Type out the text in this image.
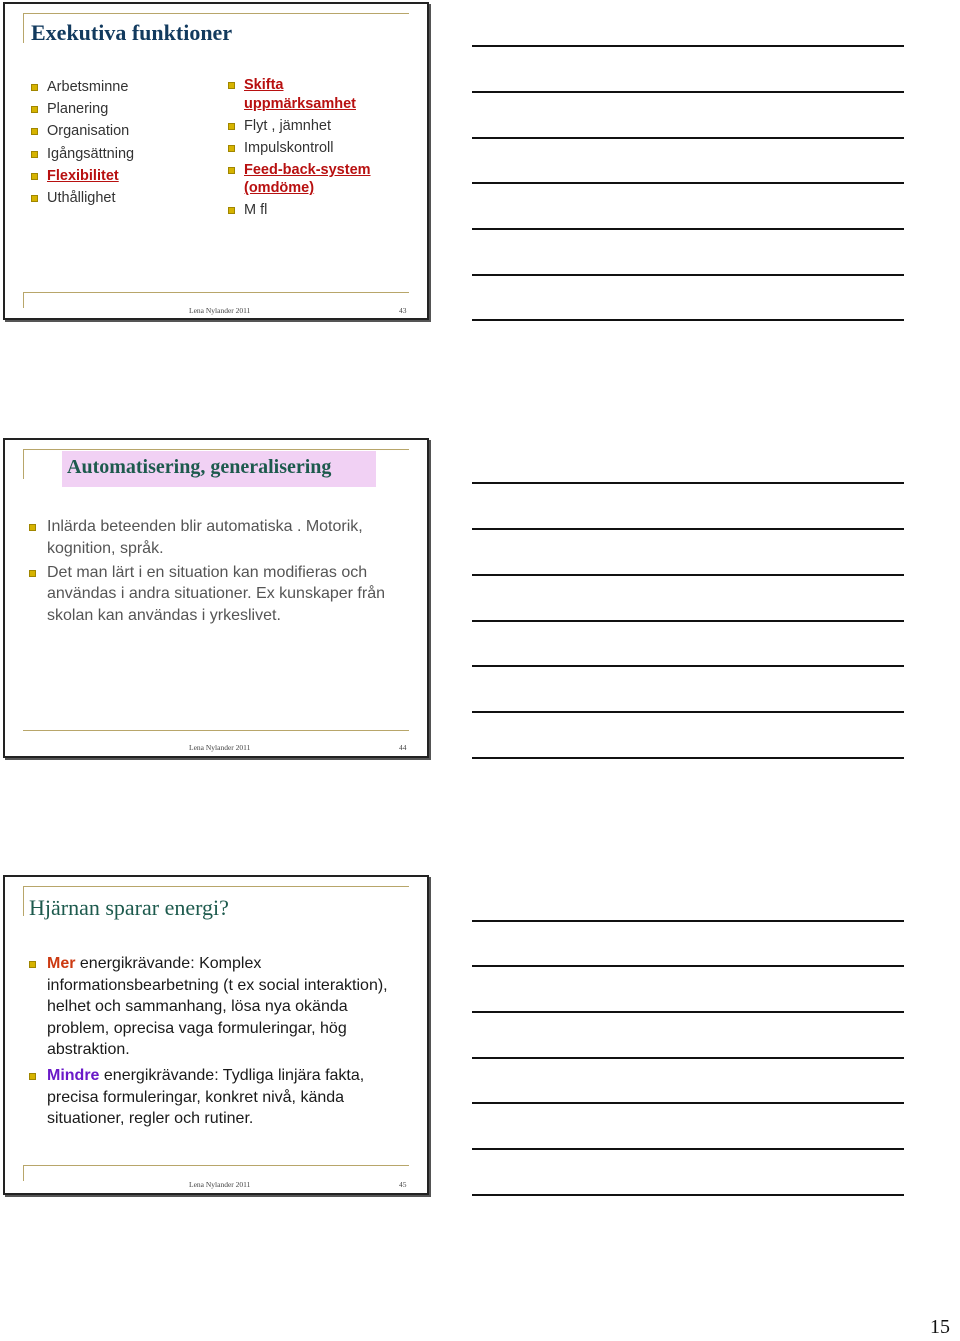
Exekutiva funktioner
Arbetsminne
Planering
Organisation
Igångsättning
Flexibilitet
Uthållighet
Skifta uppmärksamhet
Flyt , jämnhet
Impulskontroll
Feed-back-system (omdöme)
M fl
Lena Nylander 2011	43
Automatisering, generalisering
Inlärda beteenden blir automatiska . Motorik, kognition, språk.
Det man lärt i en situation kan modifieras och användas i andra situationer. Ex kunskaper från skolan kan användas i yrkeslivet.
Lena Nylander 2011	44
Hjärnan sparar energi?
Mer energikrävande: Komplex informationsbearbetning (t ex social interaktion), helhet och sammanhang, lösa nya okända problem, oprecisa vaga formuleringar, hög abstraktion.
Mindre energikrävande: Tydliga linjära fakta, precisa formuleringar, konkret nivå, kända situationer, regler och rutiner.
Lena Nylander 2011	45
15
